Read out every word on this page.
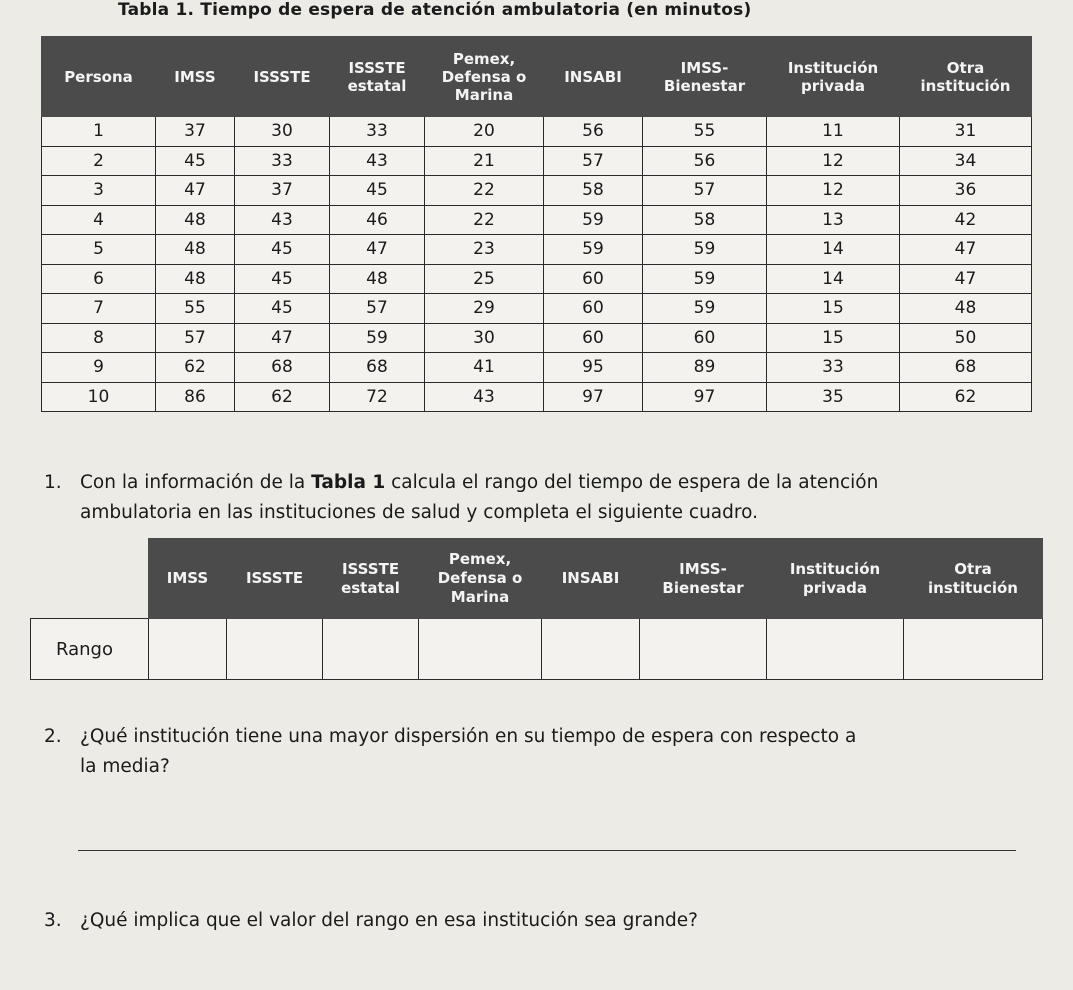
Tabla 1. Tiempo de espera de atención ambulatoria (en minutos)
Persona	IMSS	ISSSTE	ISSSTE estatal	Pemex, Defensa o Marina	INSABI	IMSS- Bienestar	Institución privada	Otra institución
1	37	30	33	20	56	55	11	31
2	45	33	43	21	57	56	12	34
3	47	37	45	22	58	57	12	36
4	48	43	46	22	59	58	13	42
5	48	45	47	23	59	59	14	47
6	48	45	48	25	60	59	14	47
7	55	45	57	29	60	59	15	48
8	57	47	59	30	60	60	15	50
9	62	68	68	41	95	89	33	68
10	86	62	72	43	97	97	35	62
1. Con la información de la Tabla 1 calcula el rango del tiempo de espera de la atención
ambulatoria en las instituciones de salud y completa el siguiente cuadro.
	IMSS	ISSSTE	ISSSTE estatal	Pemex, Defensa o Marina	INSABI	IMSS- Bienestar	Institución privada	Otra institución
Rango								
2. ¿Qué institución tiene una mayor dispersión en su tiempo de espera con respecto a
la media?
3. ¿Qué implica que el valor del rango en esa institución sea grande?
